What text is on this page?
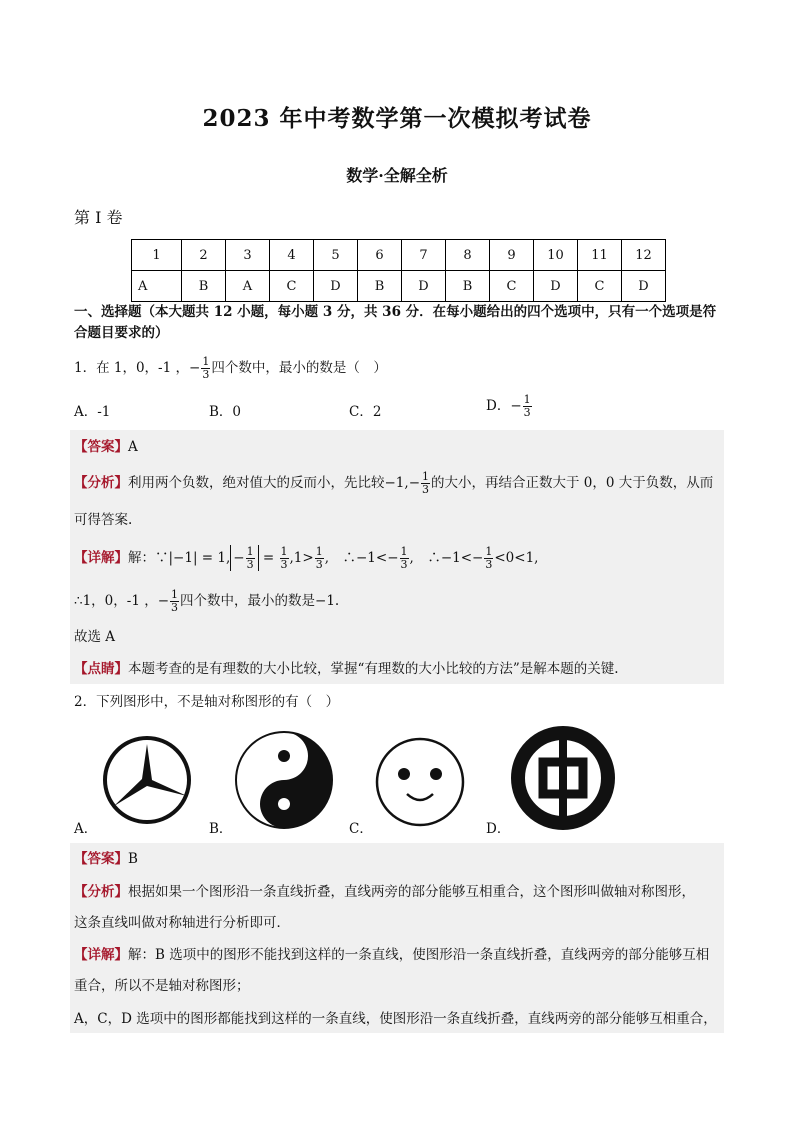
2023 年中考数学第一次模拟考试卷
数学·全解全析
第 I 卷
1	2	3	4	5	6	7	8	9	10	11	12
A	B	A	C	D	B	D	B	C	D	C	D
一、选择题（本大题共 12 小题，每小题 3 分，共 36 分．在每小题给出的四个选项中，只有一个选项是符
合题目要求的）
1．在 1，0，-1 ，− $\frac{1}{3}$ 四个数中，最小的数是（　）
A．-1	B．0	C．2	D．− $\frac{1}{3}$
【答案】A
【分析】利用两个负数，绝对值大的反而小，先比较$-1,- \frac{1}{3}$ 的大小，再结合正数大于 0，0 大于负数，从而
可得答案.
【详解】解：∵|−1| = 1, − $\frac{1}{3} = \frac{1}{3} ,1> \frac{1}{3}$ ,　∴−1<− $\frac{1}{3}$ ,　∴−1<− $\frac{1}{3} <0<1$,
∴1，0，-1 ，− $\frac{1}{3}$ 四个数中，最小的数是−1.
故选 A
【点睛】本题考查的是有理数的大小比较，掌握“有理数的大小比较的方法”是解本题的关键.
2．下列图形中，不是轴对称图形的有（　）
A．	B．	C．	D．
【答案】B
【分析】根据如果一个图形沿一条直线折叠，直线两旁的部分能够互相重合，这个图形叫做轴对称图形，
这条直线叫做对称轴进行分析即可．
【详解】解：B 选项中的图形不能找到这样的一条直线，使图形沿一条直线折叠，直线两旁的部分能够互相
重合，所以不是轴对称图形；
A，C，D 选项中的图形都能找到这样的一条直线，使图形沿一条直线折叠，直线两旁的部分能够互相重合，
